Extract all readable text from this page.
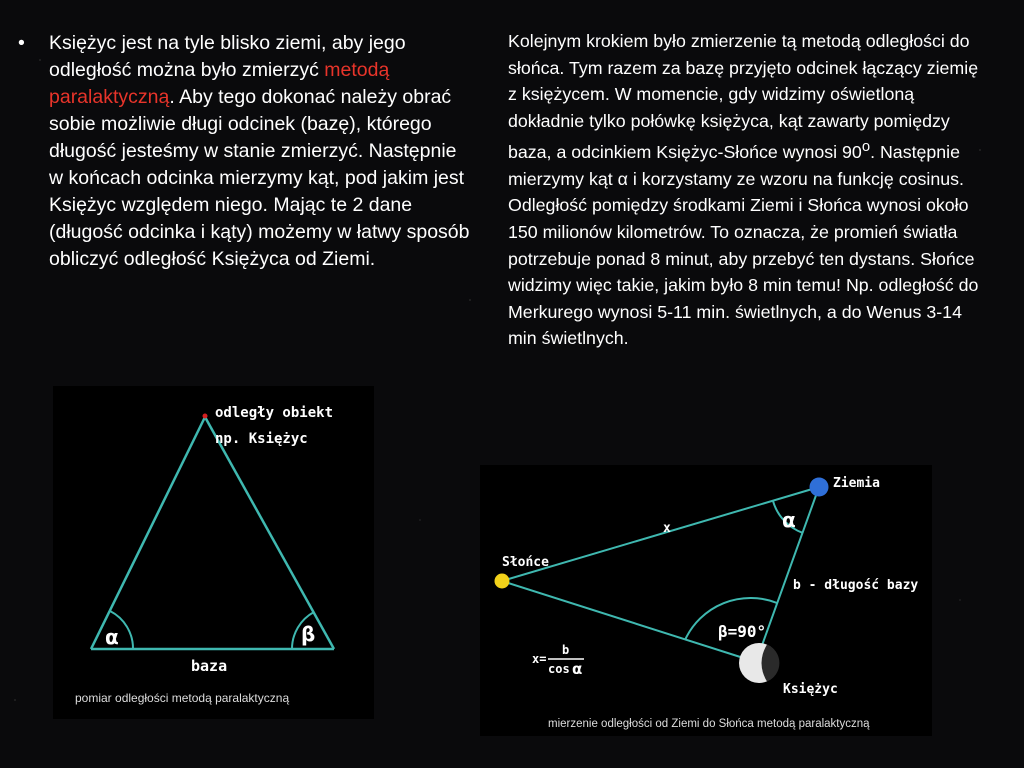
•	Księżyc jest na tyle blisko ziemi, aby jego odległość można było zmierzyć metodą paralaktyczną. Aby tego dokonać należy obrać sobie możliwie długi odcinek (bazę), którego długość jesteśmy w stanie zmierzyć. Następnie w końcach odcinka mierzymy kąt, pod jakim jest Księżyc względem niego. Mając te 2 dane (długość odcinka i kąty) możemy w łatwy sposób obliczyć odległość Księżyca od Ziemi.
Kolejnym krokiem było zmierzenie tą metodą odległości do słońca. Tym razem za bazę przyjęto odcinek łączący ziemię z księżycem. W momencie, gdy widzimy oświetloną dokładnie tylko połówkę księżyca, kąt zawarty pomiędzy baza, a odcinkiem Księżyc-Słońce wynosi 90$^o$. Następnie mierzymy kąt α i korzystamy ze wzoru na funkcję cosinus. Odległość pomiędzy środkami Ziemi i Słońca wynosi około 150 milionów kilometrów. To oznacza, że promień światła potrzebuje ponad 8 minut, aby przebyć ten dystans. Słońce widzimy więc takie, jakim było 8 min temu! Np. odległość do Merkurego wynosi 5-11 min. świetlnych, a do Wenus 3-14 min świetlnych.
odległy obiekt
np. Księżyc
α	β
baza
pomiar odległości metodą paralaktyczną
Ziemia
Słońce
Księżyc
x	α
b - długość bazy
β=90°
x=
b
cos α
mierzenie odległości od Ziemi do Słońca metodą paralaktyczną
